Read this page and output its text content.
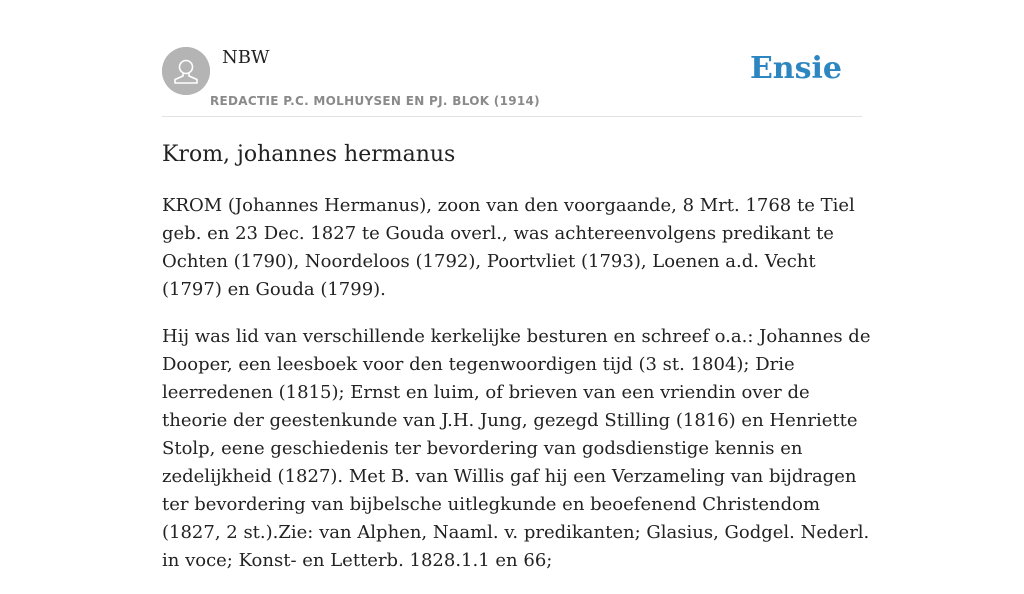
NBW
REDACTIE P.C. MOLHUYSEN EN PJ. BLOK (1914)
Ensie
Krom, johannes hermanus

KROM (Johannes Hermanus), zoon van den voorgaande, 8 Mrt. 1768 te Tiel geb. en 23 Dec. 1827 te Gouda overl., was achtereenvolgens predikant te Ochten (1790), Noordeloos (1792), Poortvliet (1793), Loenen a.d. Vecht (1797) en Gouda (1799).

Hij was lid van verschillende kerkelijke besturen en schreef o.a.: Johannes de Dooper, een leesboek voor den tegenwoordigen tijd (3 st. 1804); Drie leerredenen (1815); Ernst en luim, of brieven van een vriendin over de theorie der geestenkunde van J.H. Jung, gezegd Stilling (1816) en Henriette Stolp, eene geschiedenis ter bevordering van godsdienstige kennis en zedelijkheid (1827). Met B. van Willis gaf hij een Verzameling van bijdragen ter bevordering van bijbelsche uitlegkunde en beoefenend Christendom (1827, 2 st.).Zie: van Alphen, Naaml. v. predikanten; Glasius, Godgel. Nederl. in voce; Konst- en Letterb. 1828.1.1 en 66;
